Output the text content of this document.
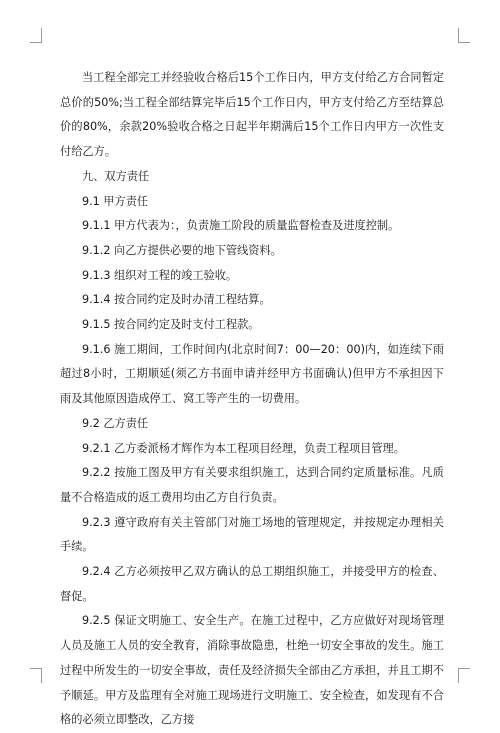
当工程全部完工并经验收合格后15个工作日内，甲方支付给乙方合同暂定总价的50%;当工程全部结算完毕后15个工作日内，甲方支付给乙方至结算总价的80%，余款20%验收合格之日起半年期满后15个工作日内甲方一次性支付给乙方。

九、双方责任

9.1 甲方责任

9.1.1 甲方代表为：，负责施工阶段的质量监督检查及进度控制。

9.1.2 向乙方提供必要的地下管线资料。

9.1.3 组织对工程的竣工验收。

9.1.4 按合同约定及时办清工程结算。

9.1.5 按合同约定及时支付工程款。

9.1.6 施工期间，工作时间内(北京时间7：00—20：00)内，如连续下雨超过8小时，工期顺延(须乙方书面申请并经甲方书面确认)但甲方不承担因下雨及其他原因造成停工、窝工等产生的一切费用。

9.2 乙方责任

9.2.1 乙方委派杨才辉作为本工程项目经理，负责工程项目管理。

9.2.2 按施工图及甲方有关要求组织施工，达到合同约定质量标准。凡质量不合格造成的返工费用均由乙方自行负责。

9.2.3 遵守政府有关主管部门对施工场地的管理规定，并按规定办理相关手续。

9.2.4 乙方必须按甲乙双方确认的总工期组织施工，并接受甲方的检查、督促。

9.2.5 保证文明施工、安全生产。在施工过程中，乙方应做好对现场管理人员及施工人员的安全教育，消除事故隐患，杜绝一切安全事故的发生。施工过程中所发生的一切安全事故，责任及经济损失全部由乙方承担，并且工期不予顺延。甲方及监理有全对施工现场进行文明施工、安全检查，如发现有不合格的必须立即整改，乙方接
